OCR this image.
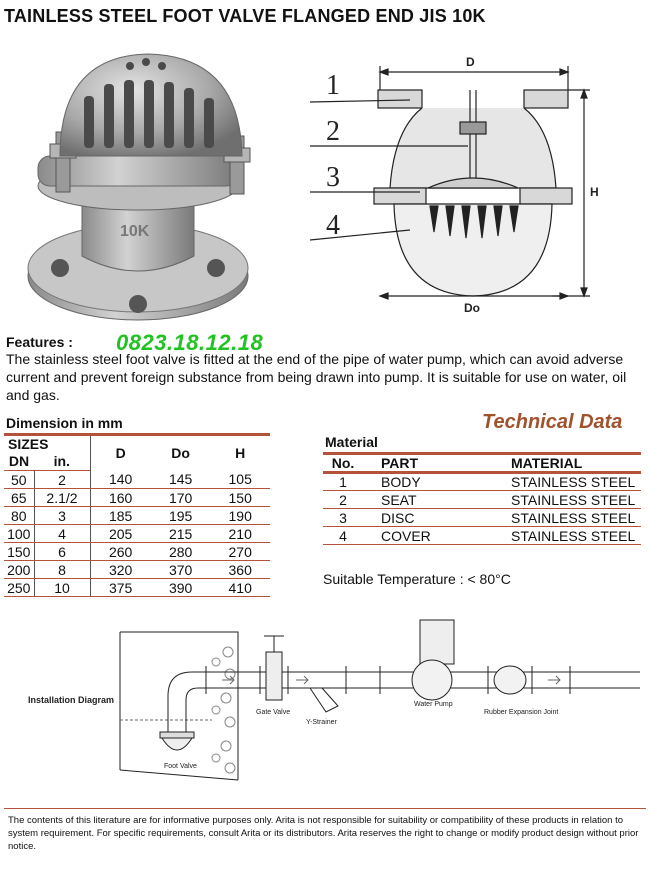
TAINLESS STEEL FOOT VALVE FLANGED END JIS 10K
10K
1
2
3
4
D
H
Do
Features : 0823.18.12.18
The stainless steel foot valve is fitted at the end of the pipe of water pump, which can avoid adverse current and prevent foreign substance from being drawn into pump. It is suitable for use on water, oil and gas.
Dimension in mm	Technical Data
SIZES		D	Do	H
DN	in.			
50	2	140	145	105
65	2.1/2	160	170	150
80	3	185	195	190
100	4	205	215	210
150	6	260	280	270
200	8	320	370	360
250	10	375	390	410
Material
No.	PART	MATERIAL
1	BODY	STAINLESS STEEL
2	SEAT	STAINLESS STEEL
3	DISC	STAINLESS STEEL
4	COVER	STAINLESS STEEL
Suitable Temperature : < 80°C
Installation Diagram
Gate Valve
Y-Strainer
Water Pump
Rubber Expansion Joint
Foot Valve
The contents of this literature are for informative purposes only. Arita is not responsible for suitability or compatibility of these products in relation to system requirement. For specific requirements, consult Arita or its distributors. Arita reserves the right to change or modify product design without prior notice.
